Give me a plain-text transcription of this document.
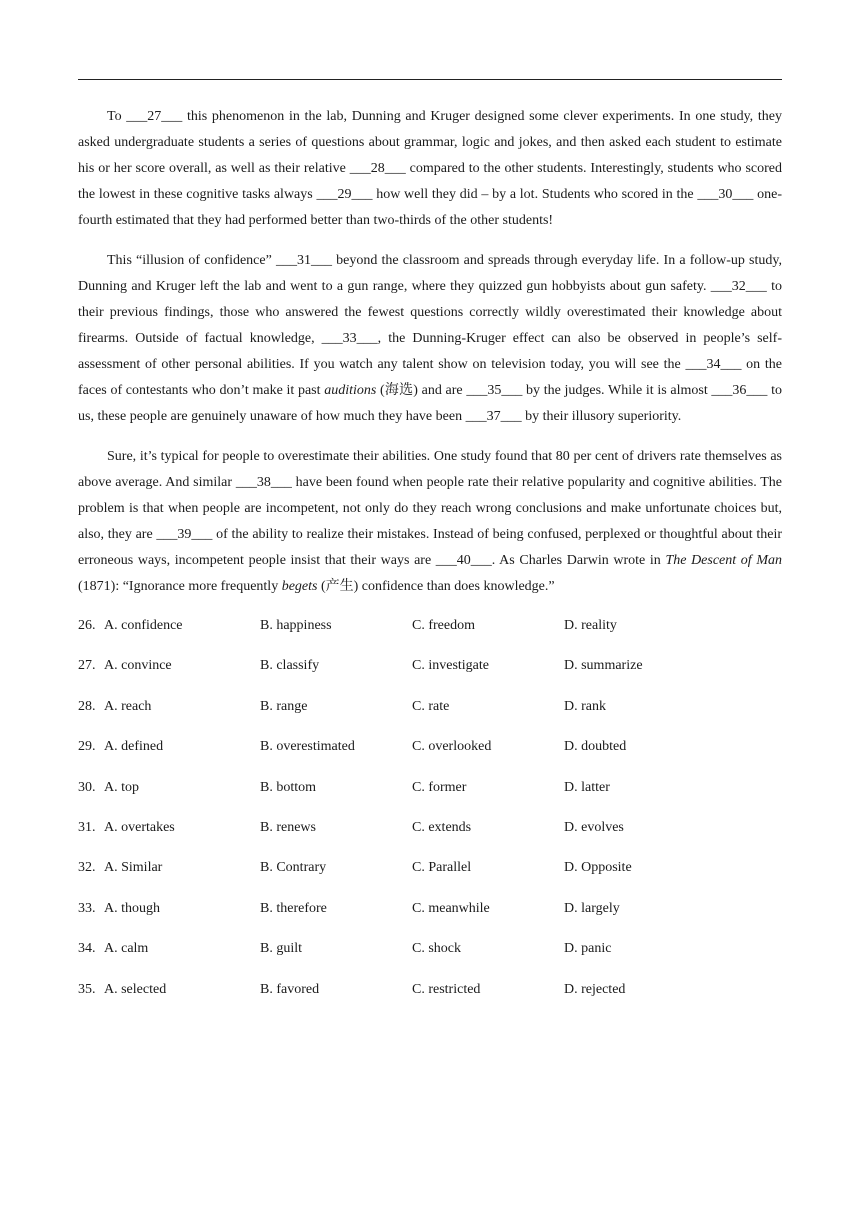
To ___27___ this phenomenon in the lab, Dunning and Kruger designed some clever experiments. In one study, they asked undergraduate students a series of questions about grammar, logic and jokes, and then asked each student to estimate his or her score overall, as well as their relative ___28___ compared to the other students. Interestingly, students who scored the lowest in these cognitive tasks always ___29___ how well they did – by a lot. Students who scored in the ___30___ one-fourth estimated that they had performed better than two-thirds of the other students!

This “illusion of confidence” ___31___ beyond the classroom and spreads through everyday life. In a follow-up study, Dunning and Kruger left the lab and went to a gun range, where they quizzed gun hobbyists about gun safety. ___32___ to their previous findings, those who answered the fewest questions correctly wildly overestimated their knowledge about firearms. Outside of factual knowledge, ___33___, the Dunning-Kruger effect can also be observed in people’s self-assessment of other personal abilities. If you watch any talent show on television today, you will see the ___34___ on the faces of contestants who don’t make it past auditions (海选) and are ___35___ by the judges. While it is almost ___36___ to us, these people are genuinely unaware of how much they have been ___37___ by their illusory superiority.

Sure, it’s typical for people to overestimate their abilities. One study found that 80 per cent of drivers rate themselves as above average. And similar ___38___ have been found when people rate their relative popularity and cognitive abilities. The problem is that when people are incompetent, not only do they reach wrong conclusions and make unfortunate choices but, also, they are ___39___ of the ability to realize their mistakes. Instead of being confused, perplexed or thoughtful about their erroneous ways, incompetent people insist that their ways are ___40___. As Charles Darwin wrote in The Descent of Man (1871): “Ignorance more frequently begets (产生) confidence than does knowledge.”

26. A. confidence	B. happiness	C. freedom	D. reality
27. A. convince	B. classify	C. investigate	D. summarize
28. A. reach	B. range	C. rate	D. rank
29. A. defined	B. overestimated	C. overlooked	D. doubted
30. A. top	B. bottom	C. former	D. latter
31. A. overtakes	B. renews	C. extends	D. evolves
32. A. Similar	B. Contrary	C. Parallel	D. Opposite
33. A. though	B. therefore	C. meanwhile	D. largely
34. A. calm	B. guilt	C. shock	D. panic
35. A. selected	B. favored	C. restricted	D. rejected
